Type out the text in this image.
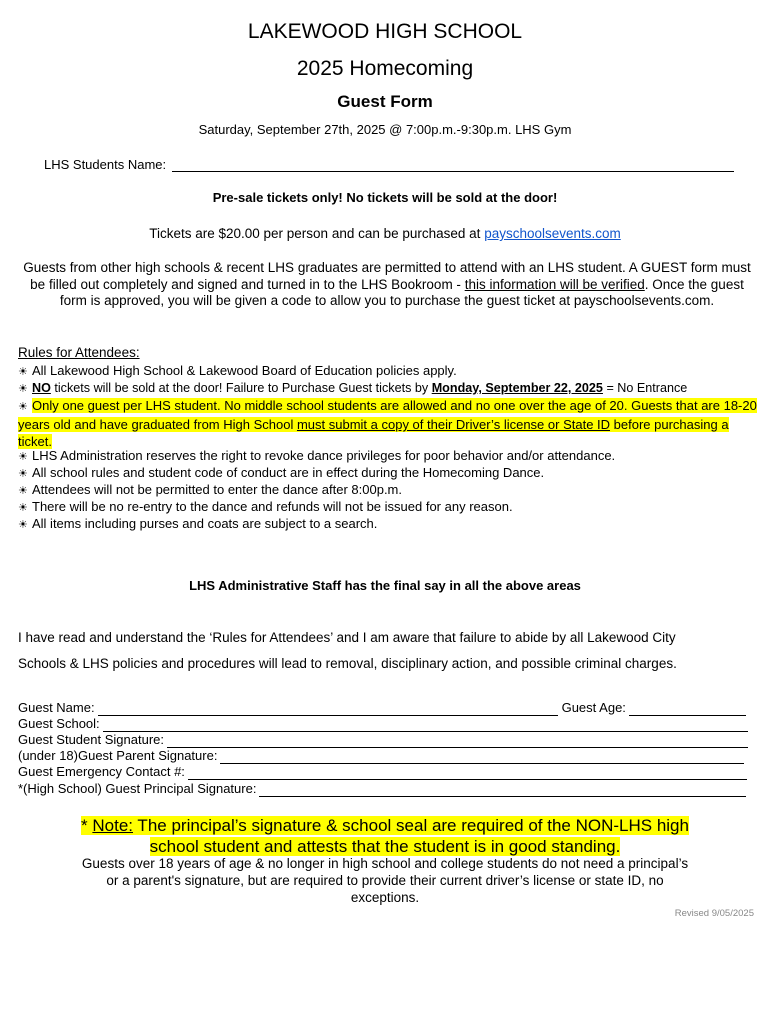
LAKEWOOD HIGH SCHOOL
2025 Homecoming
Guest Form
Saturday, September 27th, 2025 @ 7:00p.m.-9:30p.m. LHS Gym
LHS Students Name:
Pre-sale tickets only! No tickets will be sold at the door!
Tickets are $20.00 per person and can be purchased at payschoolsevents.com
Guests from other high schools & recent LHS graduates are permitted to attend with an LHS student. A GUEST form must be filled out completely and signed and turned in to the LHS Bookroom - this information will be verified. Once the guest form is approved, you will be given a code to allow you to purchase the guest ticket at payschoolsevents.com.
Rules for Attendees:
☀ All Lakewood High School & Lakewood Board of Education policies apply.
☀ NO tickets will be sold at the door! Failure to Purchase Guest tickets by Monday, September 22, 2025 = No Entrance
☀ Only one guest per LHS student. No middle school students are allowed and no one over the age of 20. Guests that are 18-20 years old and have graduated from High School must submit a copy of their Driver’s license or State ID before purchasing a ticket.
☀ LHS Administration reserves the right to revoke dance privileges for poor behavior and/or attendance.
☀ All school rules and student code of conduct are in effect during the Homecoming Dance.
☀ Attendees will not be permitted to enter the dance after 8:00p.m.
☀ There will be no re-entry to the dance and refunds will not be issued for any reason.
☀ All items including purses and coats are subject to a search.
LHS Administrative Staff has the final say in all the above areas
I have read and understand the ‘Rules for Attendees’ and I am aware that failure to abide by all Lakewood City
Schools & LHS policies and procedures will lead to removal, disciplinary action, and possible criminal charges.
Guest Name:	Guest Age:
Guest School:
Guest Student Signature:
(under 18)Guest Parent Signature:
Guest Emergency Contact #:
*(High School) Guest Principal Signature:
* Note: The principal’s signature & school seal are required of the NON-LHS high school student and attests that the student is in good standing.
Guests over 18 years of age & no longer in high school and college students do not need a principal’s or a parent's signature, but are required to provide their current driver’s license or state ID, no exceptions.
Revised 9/05/2025
